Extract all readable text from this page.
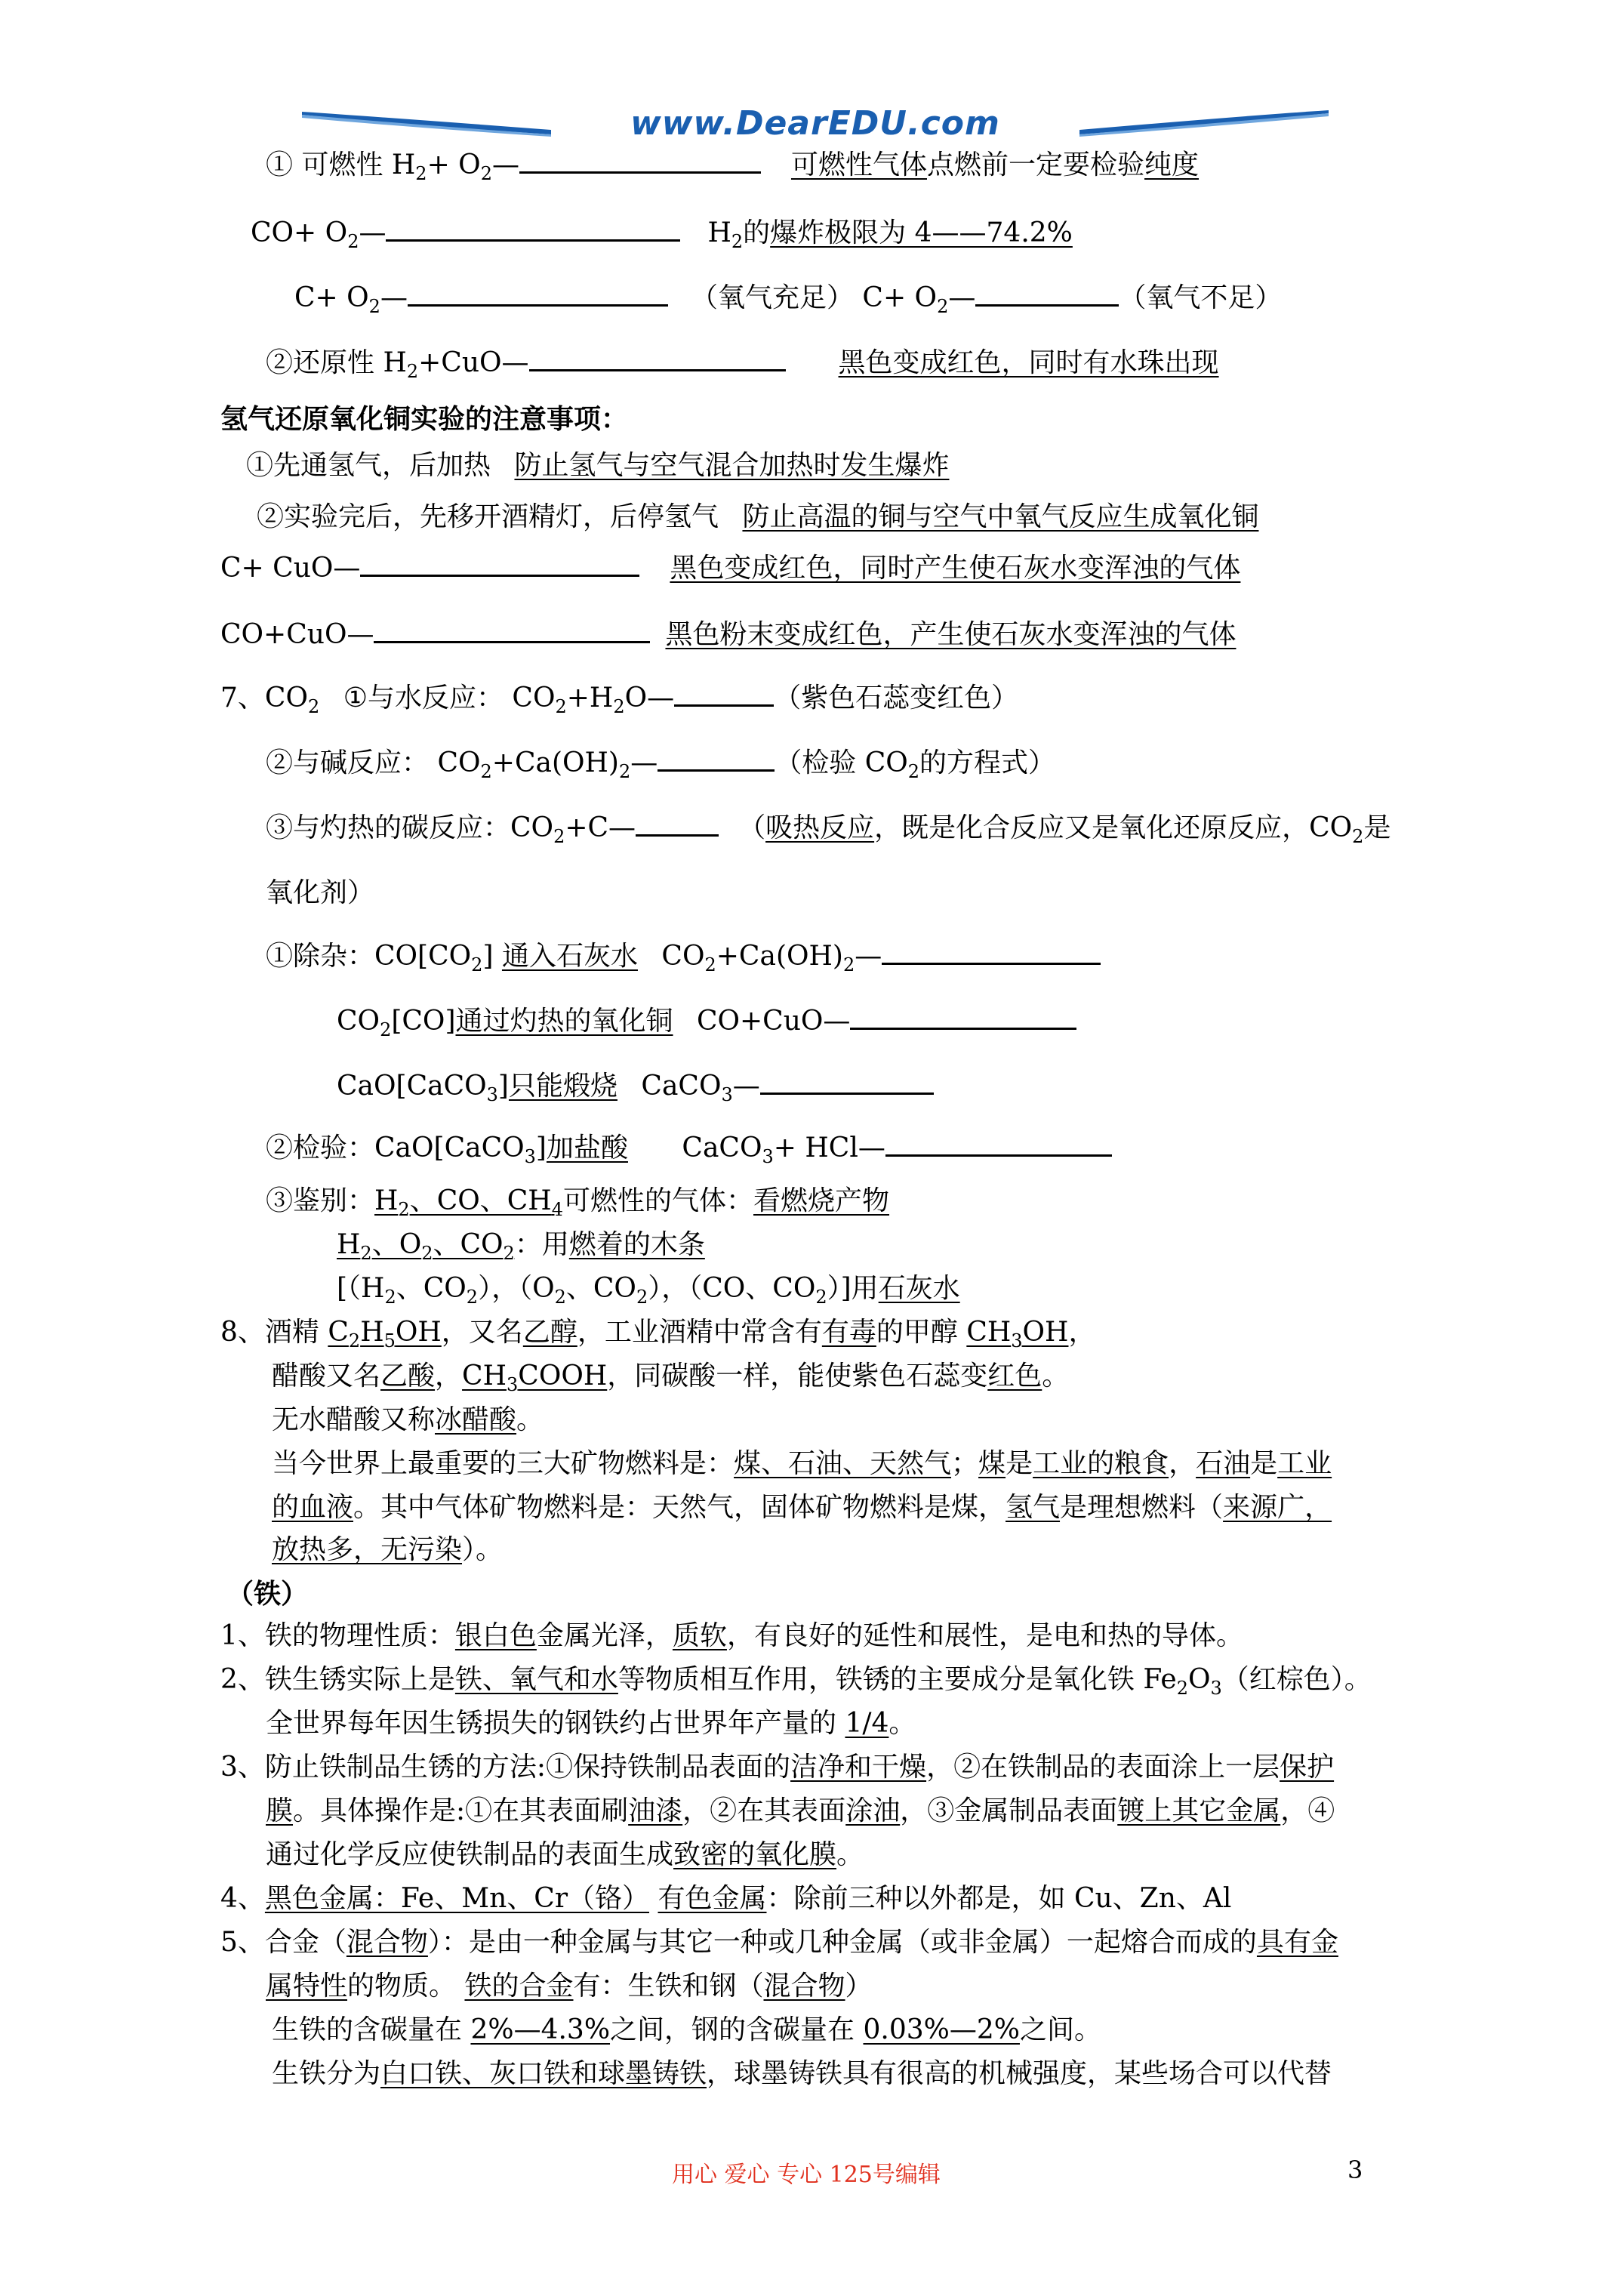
www.DearEDU.com
① 可燃性 $H_2+$ $O_2—$	可燃性气体点燃前一定要检验纯度
$CO+ O_2—$	$H_2$的爆炸极限为 4——74.2%
$C+ O_2—$	（氧气充足） $C+ O_2—$	（氧气不足）
②还原性 $H_2+CuO—$	黑色变成红色，同时有水珠出现
氢气还原氧化铜实验的注意事项：
①先通氢气，后加热 防止氢气与空气混合加热时发生爆炸
②实验完后，先移开酒精灯，后停氢气 防止高温的铜与空气中氧气反应生成氧化铜
C+ CuO—	黑色变成红色，同时产生使石灰水变浑浊的气体
CO+CuO—	黑色粉末变成红色，产生使石灰水变浑浊的气体
7、$CO_2$ ①与水反应： $CO_2+H_2O—$	（紫色石蕊变红色）
②与碱反应： $CO_2+Ca(OH)_2—$	（检验 $CO_2$的方程式）
③与灼热的碳反应：$CO_2+C—$	（吸热反应，既是化合反应又是氧化还原反应，$CO_2$是
氧化剂）
①除杂：$CO[CO_2]$ 通入石灰水 $CO_2+Ca(OH)_2—$
$CO_2[CO]$通过灼热的氧化铜 CO+CuO—
CaO[CaCO$_3$]只能煅烧 CaCO$_3$—
②检验：CaO[CaCO$_3$]加盐酸 CaCO$_3$+ HCl—
③鉴别：$H_2$、CO、$CH_4$可燃性的气体：看燃烧产物
$H_2$、$O_2$、$CO_2$：用燃着的木条
[（$H_2$、$CO_2$），（$O_2$、$CO_2$），（CO、$CO_2$）]用石灰水
8、酒精 $C_2H_5OH$，又名乙醇，工业酒精中常含有有毒的甲醇 $CH_3OH$，
醋酸又名乙酸，$CH_3COOH$，同碳酸一样，能使紫色石蕊变红色。
无水醋酸又称冰醋酸。
当今世界上最重要的三大矿物燃料是：煤、石油、天然气；煤是工业的粮食，石油是工业
的血液。其中气体矿物燃料是：天然气，固体矿物燃料是煤，氢气是理想燃料（来源广，
放热多，无污染）。
（铁）
1、铁的物理性质：银白色金属光泽，质软，有良好的延性和展性，是电和热的导体。
2、铁生锈实际上是铁、氧气和水等物质相互作用，铁锈的主要成分是氧化铁 $Fe_2O_3$（红棕色）。
全世界每年因生锈损失的钢铁约占世界年产量的 1/4。
3、防止铁制品生锈的方法:①保持铁制品表面的洁净和干燥，②在铁制品的表面涂上一层保护
膜。具体操作是:①在其表面刷油漆，②在其表面涂油，③金属制品表面镀上其它金属，④
通过化学反应使铁制品的表面生成致密的氧化膜。
4、黑色金属：Fe、Mn、Cr（铬） 有色金属：除前三种以外都是，如 Cu、Zn、Al
5、合金（混合物）：是由一种金属与其它一种或几种金属（或非金属）一起熔合而成的具有金
属特性的物质。 铁的合金有：生铁和钢（混合物）
生铁的含碳量在 2%—4.3%之间，钢的含碳量在 0.03%—2%之间。
生铁分为白口铁、灰口铁和球墨铸铁，球墨铸铁具有很高的机械强度，某些场合可以代替
用心 爱心 专心 125号编辑	3
